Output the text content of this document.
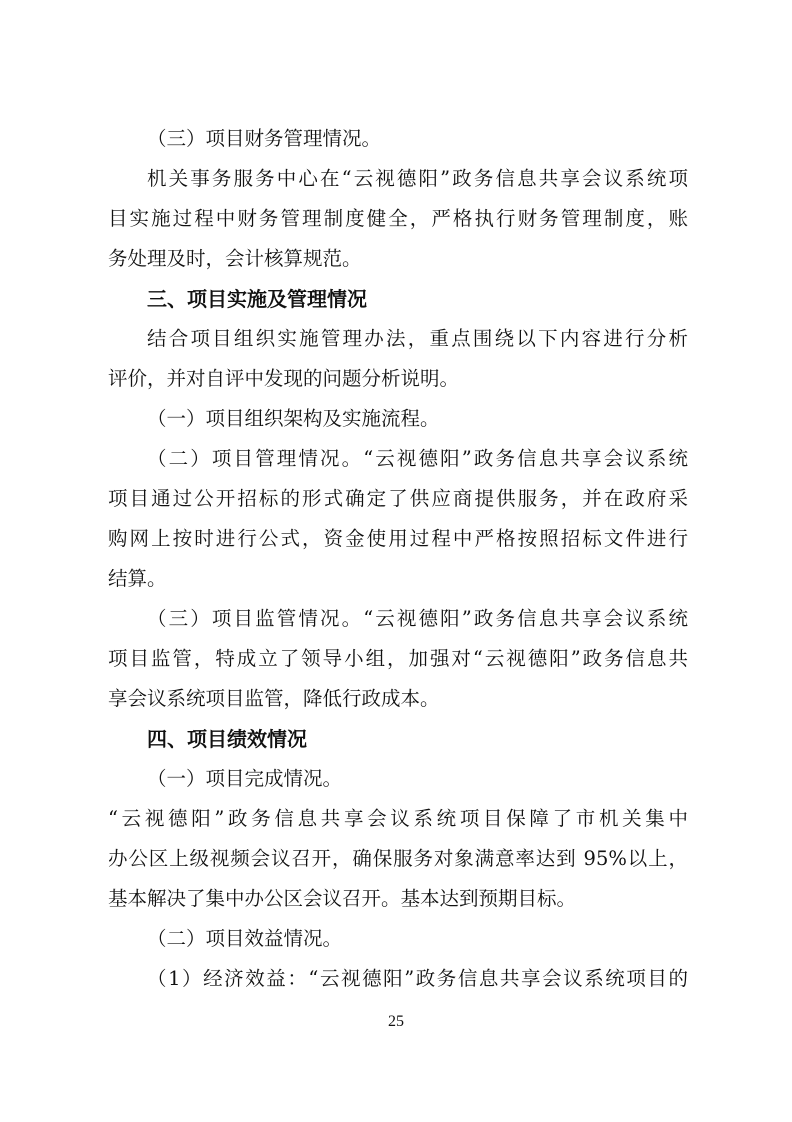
（三）项目财务管理情况。
机关事务服务中心在“云视德阳”政务信息共享会议系统项
目实施过程中财务管理制度健全，严格执行财务管理制度，账
务处理及时，会计核算规范。
三、项目实施及管理情况
结合项目组织实施管理办法，重点围绕以下内容进行分析
评价，并对自评中发现的问题分析说明。
（一）项目组织架构及实施流程。
（二）项目管理情况。“云视德阳”政务信息共享会议系统
项目通过公开招标的形式确定了供应商提供服务，并在政府采
购网上按时进行公式，资金使用过程中严格按照招标文件进行
结算。
（三）项目监管情况。“云视德阳”政务信息共享会议系统
项目监管，特成立了领导小组，加强对“云视德阳”政务信息共
享会议系统项目监管，降低行政成本。
四、项目绩效情况
（一）项目完成情况。
“云视德阳”政务信息共享会议系统项目保障了市机关集中
办公区上级视频会议召开，确保服务对象满意率达到 95%以上，
基本解决了集中办公区会议召开。基本达到预期目标。
（二）项目效益情况。
（1）经济效益：“云视德阳”政务信息共享会议系统项目的
25
